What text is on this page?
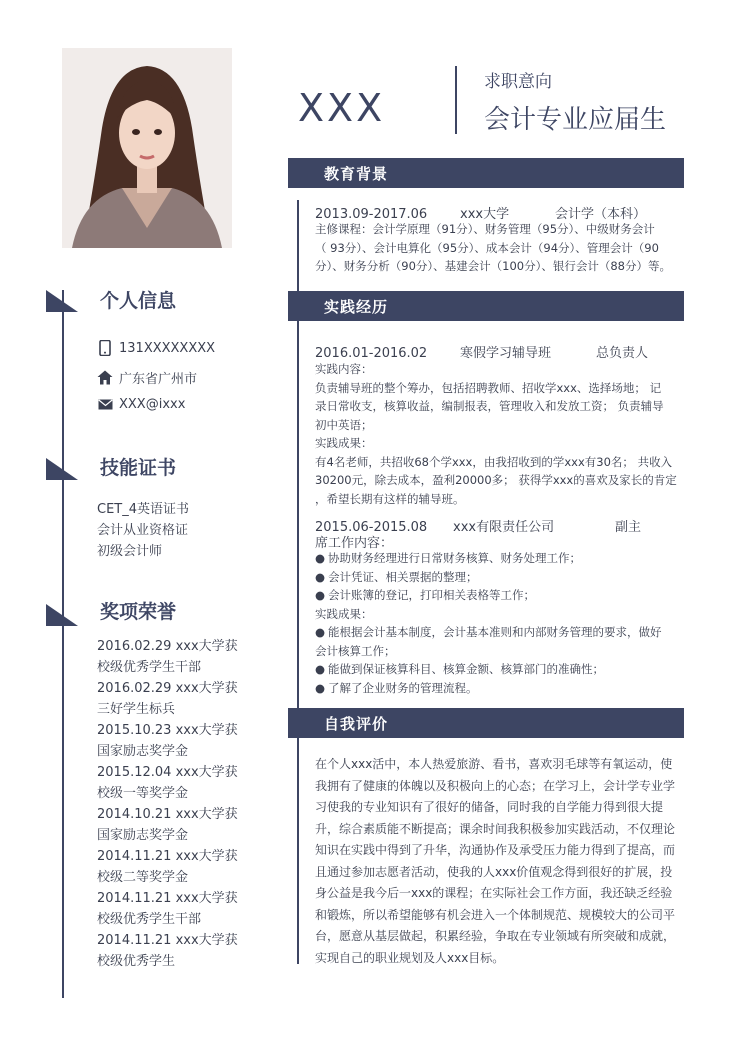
XXX
求职意向
会计专业应届生
个人信息
131XXXXXXXX
广东省广州市
XXX@ixxx
技能证书
CET_4英语证书
会计从业资格证
初级会计师
奖项荣誉
2016.02.29 xxx大学获
校级优秀学生干部
2016.02.29 xxx大学获
三好学生标兵
2015.10.23 xxx大学获
国家励志奖学金
2015.12.04 xxx大学获
校级一等奖学金
2014.10.21 xxx大学获
国家励志奖学金
2014.11.21 xxx大学获
校级二等奖学金
2014.11.21 xxx大学获
校级优秀学生干部
2014.11.21 xxx大学获
校级优秀学生
教育背景
2013.09-2017.06	xxx大学	会计学（本科）
主修课程：会计学原理（91分）、财务管理（95分）、中级财务会计
（ 93分）、会计电算化（95分）、成本会计（94分）、管理会计（90
分）、财务分析（90分）、基建会计（100分）、银行会计（88分）等。
实践经历
2016.01-2016.02	寒假学习辅导班	总负责人
实践内容：
负责辅导班的整个筹办，包括招聘教师、招收学xxx、选择场地； 记
录日常收支，核算收益，编制报表，管理收入和发放工资； 负责辅导
初中英语；
实践成果：
有4名老师，共招收68个学xxx，由我招收到的学xxx有30名； 共收入
30200元，除去成本，盈利20000多； 获得学xxx的喜欢及家长的肯定
，希望长期有这样的辅导班。
2015.06-2015.08 xxx有限责任公司	副主
席工作内容：
● 协助财务经理进行日常财务核算、财务处理工作；
● 会计凭证、相关票据的整理；
● 会计账簿的登记，打印相关表格等工作；
实践成果：
● 能根据会计基本制度，会计基本准则和内部财务管理的要求，做好
会计核算工作；
● 能做到保证核算科目、核算金额、核算部门的准确性；
● 了解了企业财务的管理流程。
自我评价
在个人xxx活中，本人热爱旅游、看书，喜欢羽毛球等有氧运动，使
我拥有了健康的体魄以及积极向上的心态；在学习上，会计学专业学
习使我的专业知识有了很好的储备，同时我的自学能力得到很大提
升，综合素质能不断提高；课余时间我积极参加实践活动，不仅理论
知识在实践中得到了升华，沟通协作及承受压力能力得到了提高，而
且通过参加志愿者活动，使我的人xxx价值观念得到很好的扩展，投
身公益是我今后一xxx的课程；在实际社会工作方面，我还缺乏经验
和锻炼，所以希望能够有机会进入一个体制规范、规模较大的公司平
台，愿意从基层做起，积累经验，争取在专业领域有所突破和成就，
实现自己的职业规划及人xxx目标。
